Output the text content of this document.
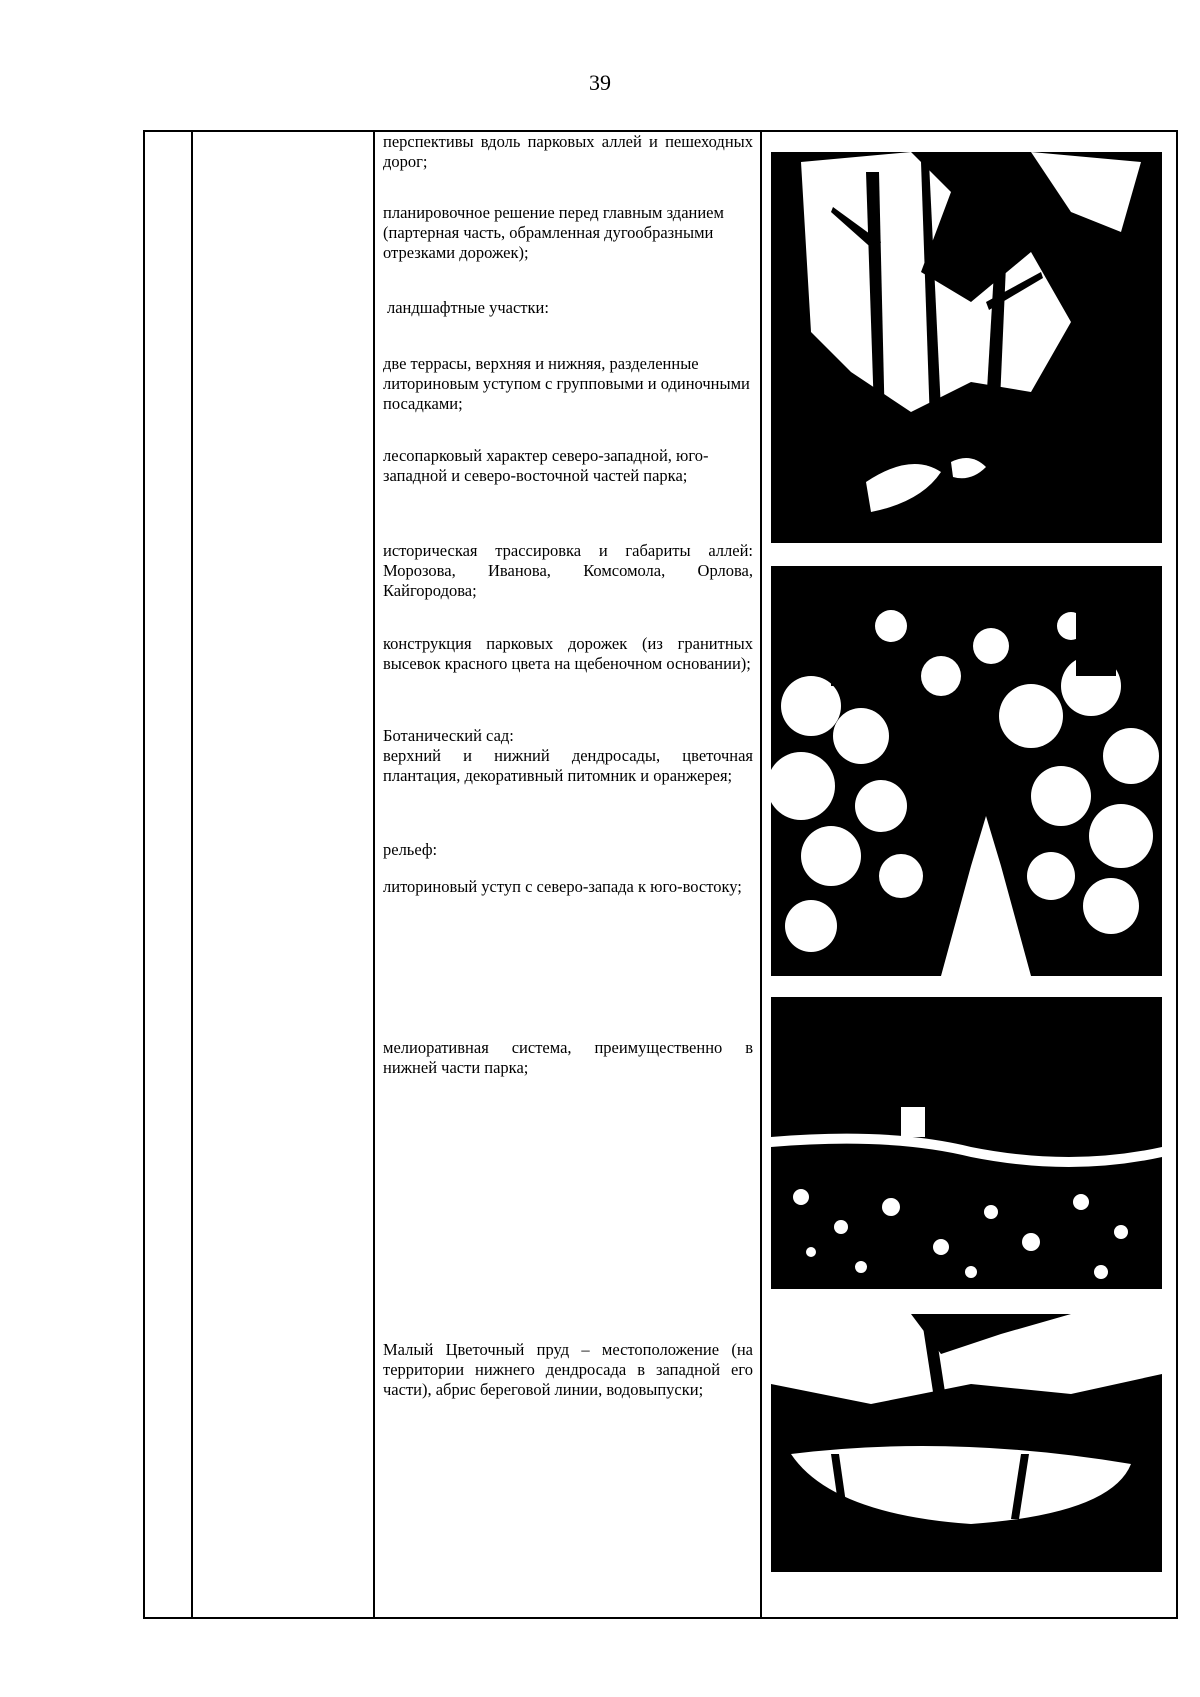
39
перспективы вдоль парковых аллей и пешеходных дорог;
планировочное решение перед главным зданием (партерная часть, обрамленная дугообразными отрезками дорожек);
ландшафтные участки:
две террасы, верхняя и нижняя, разделенные литориновым уступом с групповыми и одиночными посадками;
лесопарковый характер северо-западной, юго-западной и северо-восточной частей парка;
историческая трассировка и габариты аллей: Морозова, Иванова, Комсомола, Орлова, Кайгородова;
конструкция парковых дорожек (из гранитных высевок красного цвета на щебеночном основании);
Ботанический сад:
верхний и нижний дендросады, цветочная плантация, декоративный питомник и оранжерея;
рельеф:
литориновый уступ с северо-запада к юго-востоку;
мелиоративная система, преимущественно в нижней части парка;
Малый Цветочный пруд – местоположение (на территории нижнего дендросада в западной его части), абрис береговой линии, водовыпуски;
